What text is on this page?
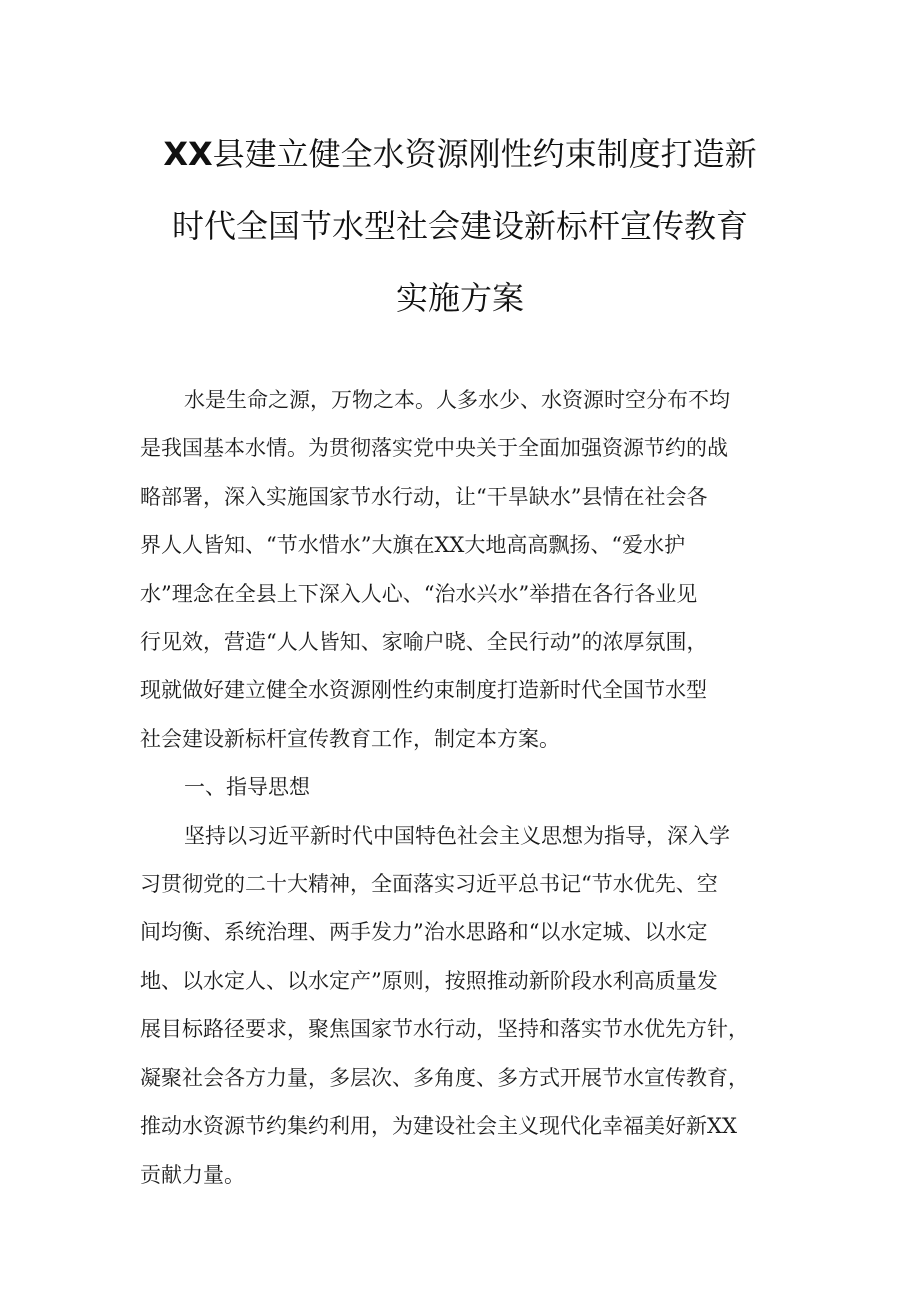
XX县建立健全水资源刚性约束制度打造新
时代全国节水型社会建设新标杆宣传教育
实施方案
水是生命之源，万物之本。人多水少、水资源时空分布不均
是我国基本水情。为贯彻落实党中央关于全面加强资源节约的战
略部署，深入实施国家节水行动，让“干旱缺水”县情在社会各
界人人皆知、“节水惜水”大旗在XX大地高高飘扬、“爱水护
水”理念在全县上下深入人心、“治水兴水”举措在各行各业见
行见效，营造“人人皆知、家喻户晓、全民行动”的浓厚氛围，
现就做好建立健全水资源刚性约束制度打造新时代全国节水型
社会建设新标杆宣传教育工作，制定本方案。
一、指导思想
坚持以习近平新时代中国特色社会主义思想为指导，深入学
习贯彻党的二十大精神，全面落实习近平总书记“节水优先、空
间均衡、系统治理、两手发力”治水思路和“以水定城、以水定
地、以水定人、以水定产”原则，按照推动新阶段水利高质量发
展目标路径要求，聚焦国家节水行动，坚持和落实节水优先方针，
凝聚社会各方力量，多层次、多角度、多方式开展节水宣传教育，
推动水资源节约集约利用，为建设社会主义现代化幸福美好新XX
贡献力量。
